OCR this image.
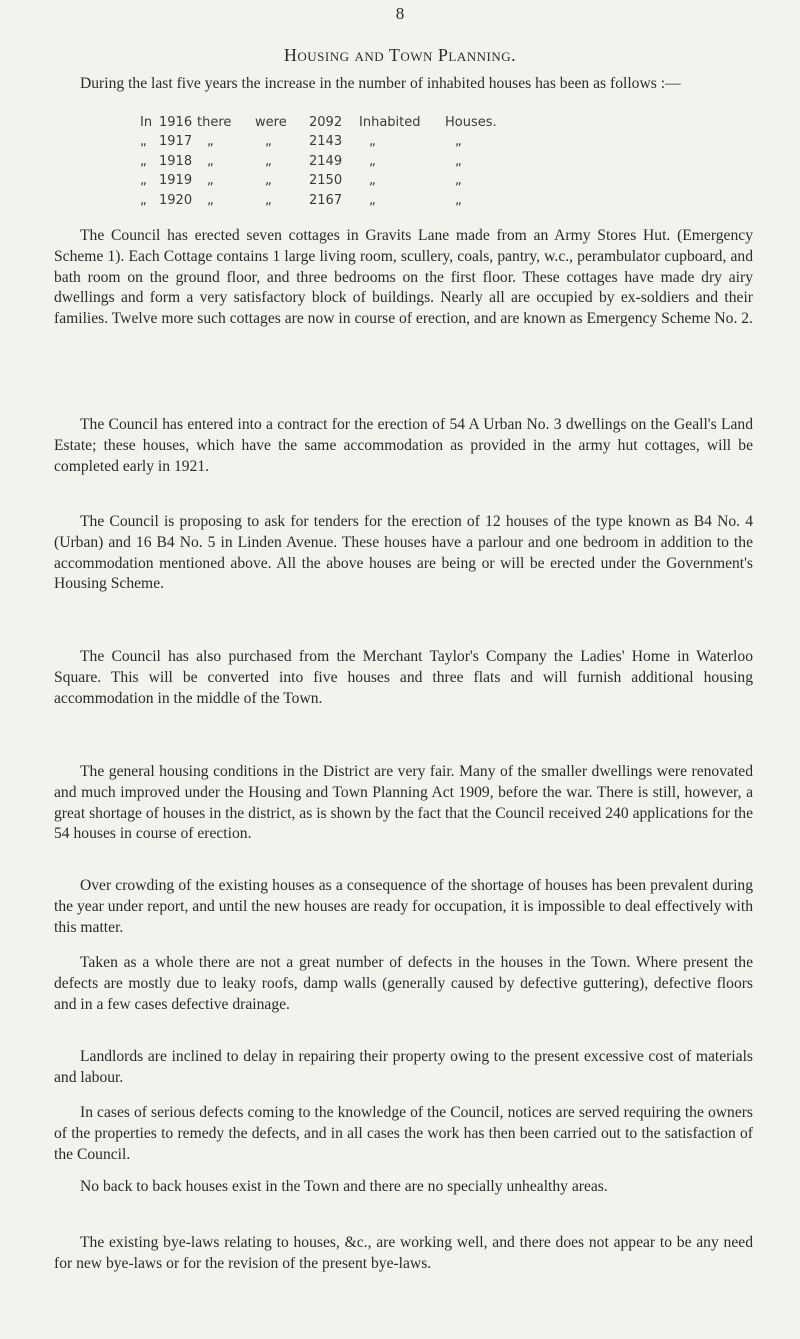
8
Housing and Town Planning.

During the last five years the increase in the number of inhabited houses has been as follows :—

In	1916	there	were	2092	Inhabited	Houses.
„	1917	„	„	2143	„	„
„	1918	„	„	2149	„	„
„	1919	„	„	2150	„	„
„	1920	„	„	2167	„	„

The Council has erected seven cottages in Gravits Lane made from an Army Stores Hut. (Emergency Scheme 1). Each Cottage contains 1 large living room, scullery, coals, pantry, w.c., perambulator cupboard, and bath room on the ground floor, and three bedrooms on the first floor. These cottages have made dry airy dwellings and form a very satisfactory block of buildings. Nearly all are occupied by ex-soldiers and their families. Twelve more such cottages are now in course of erection, and are known as Emergency Scheme No. 2.

The Council has entered into a contract for the erection of 54 A Urban No. 3 dwellings on the Geall's Land Estate; these houses, which have the same accommodation as provided in the army hut cottages, will be completed early in 1921.

The Council is proposing to ask for tenders for the erection of 12 houses of the type known as B4 No. 4 (Urban) and 16 B4 No. 5 in Linden Avenue. These houses have a parlour and one bedroom in addition to the accommodation mentioned above. All the above houses are being or will be erected under the Government's Housing Scheme.

The Council has also purchased from the Merchant Taylor's Company the Ladies' Home in Waterloo Square. This will be converted into five houses and three flats and will furnish additional housing accommodation in the middle of the Town.

The general housing conditions in the District are very fair. Many of the smaller dwellings were renovated and much improved under the Housing and Town Planning Act 1909, before the war. There is still, however, a great shortage of houses in the district, as is shown by the fact that the Council received 240 applications for the 54 houses in course of erection.

Over crowding of the existing houses as a consequence of the shortage of houses has been prevalent during the year under report, and until the new houses are ready for occupation, it is impossible to deal effectively with this matter.

Taken as a whole there are not a great number of defects in the houses in the Town. Where present the defects are mostly due to leaky roofs, damp walls (generally caused by defective guttering), defective floors and in a few cases defective drainage.

Landlords are inclined to delay in repairing their property owing to the present excessive cost of materials and labour.

In cases of serious defects coming to the knowledge of the Council, notices are served requiring the owners of the properties to remedy the defects, and in all cases the work has then been carried out to the satisfaction of the Council.

No back to back houses exist in the Town and there are no specially unhealthy areas.

The existing bye-laws relating to houses, &c., are working well, and there does not appear to be any need for new bye-laws or for the revision of the present bye-laws.
